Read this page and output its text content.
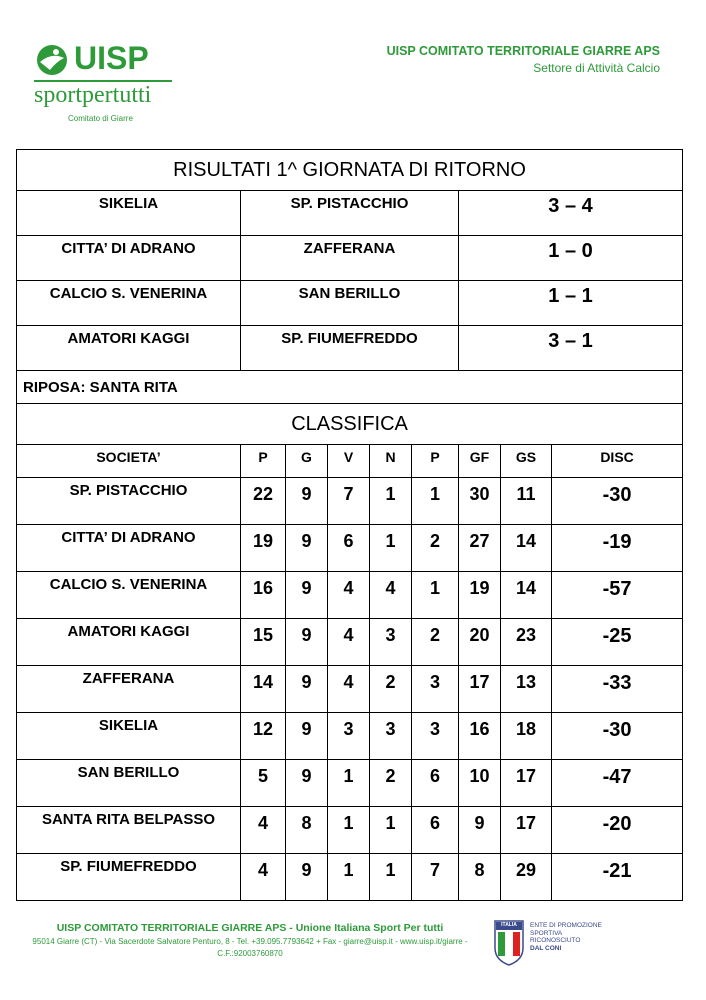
UISP
sportpertutti
Comitato di Giarre
UISP COMITATO TERRITORIALE GIARRE APS
Settore di Attività Calcio
RISULTATI 1^ GIORNATA DI RITORNO								
SIKELIA	SP. PISTACCHIO					3 – 4		
CITTA’ DI ADRANO	ZAFFERANA					1 – 0		
CALCIO S. VENERINA	SAN BERILLO					1 – 1		
AMATORI KAGGI	SP. FIUMEFREDDO					3 – 1		
RIPOSA: SANTA RITA								
CLASSIFICA								
SOCIETA’	P	G	V	N	P	GF	GS	DISC
SP. PISTACCHIO	22	9	7	1	1	30	11	-30
CITTA’ DI ADRANO	19	9	6	1	2	27	14	-19
CALCIO S. VENERINA	16	9	4	4	1	19	14	-57
AMATORI KAGGI	15	9	4	3	2	20	23	-25
ZAFFERANA	14	9	4	2	3	17	13	-33
SIKELIA	12	9	3	3	3	16	18	-30
SAN BERILLO	5	9	1	2	6	10	17	-47
SANTA RITA BELPASSO	4	8	1	1	6	9	17	-20
SP. FIUMEFREDDO	4	9	1	1	7	8	29	-21
UISP COMITATO TERRITORIALE GIARRE APS - Unione Italiana Sport Per tutti
95014 Giarre (CT) - Via Sacerdote Salvatore Penturo, 8 - Tel. +39.095.7793642 + Fax - giarre@uisp.it - www.uisp.it/giarre -
C.F.:92003760870
ITALIA	ENTE DI PROMOZIONE
SPORTIVA
RICONOSCIUTO
DAL CONI
